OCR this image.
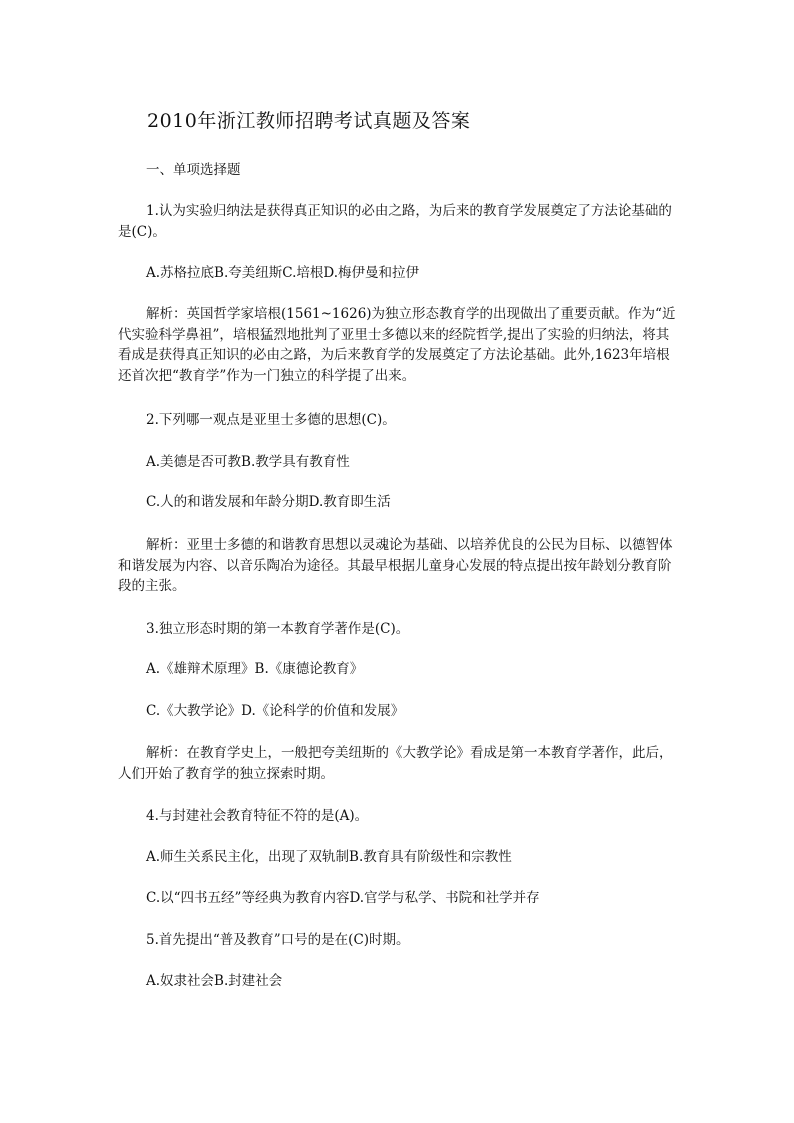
2010年浙江教师招聘考试真题及答案
一、单项选择题

1.认为实验归纳法是获得真正知识的必由之路，为后来的教育学发展奠定了方法论基础的是(C)。

A.苏格拉底B.夸美纽斯C.培根D.梅伊曼和拉伊

解析：英国哲学家培根(1561~1626)为独立形态教育学的出现做出了重要贡献。作为“近代实验科学鼻祖”，培根猛烈地批判了亚里士多德以来的经院哲学,提出了实验的归纳法，将其看成是获得真正知识的必由之路，为后来教育学的发展奠定了方法论基础。此外,1623年培根还首次把“教育学”作为一门独立的科学提了出来。

2.下列哪一观点是亚里士多德的思想(C)。
A.美德是否可教B.教学具有教育性
C.人的和谐发展和年龄分期D.教育即生活

解析：亚里士多德的和谐教育思想以灵魂论为基础、以培养优良的公民为目标、以德智体和谐发展为内容、以音乐陶冶为途径。其最早根据儿童身心发展的特点提出按年龄划分教育阶段的主张。

3.独立形态时期的第一本教育学著作是(C)。
A.《雄辩术原理》B.《康德论教育》
C.《大教学论》D.《论科学的价值和发展》

解析：在教育学史上，一般把夸美纽斯的《大教学论》看成是第一本教育学著作，此后，人们开始了教育学的独立探索时期。

4.与封建社会教育特征不符的是(A)。
A.师生关系民主化，出现了双轨制B.教育具有阶级性和宗教性
C.以“四书五经”等经典为教育内容D.官学与私学、书院和社学并存
5.首先提出“普及教育”口号的是在(C)时期。
A.奴隶社会B.封建社会
